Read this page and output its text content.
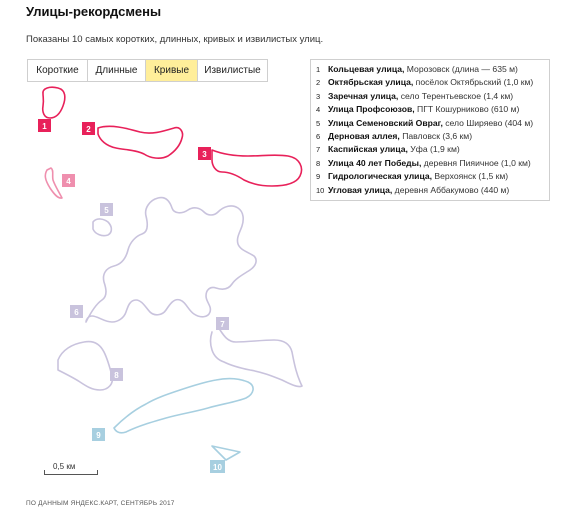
Улицы-рекордсмены
Показаны 10 самых коротких, длинных, кривых и извилистых улиц.
Короткие	Длинные	Кривые	Извилистые	1 Кольцевая улица, Морозовск (длина — 635 м)
2 Октябрьская улица, посёлок Октябрьский (1,0 км)
3 Заречная улица, село Терентьевское (1,4 км)
4 Улица Профсоюзов, ПГТ Кошурниково (610 м)
5 Улица Семеновский Овраг, село Ширяево (404 м)
6 Дерновая аллея, Павловск (3,6 км)
7 Каспийская улица, Уфа (1,9 км)
8 Улица 40 лет Победы, деревня Пияичное (1,0 км)
9 Гидрологическая улица, Верхоянск (1,5 км)
10 Угловая улица, деревня Аббакумово (440 м)
1	2
3
4
5
6
7
8
9
10
0,5 км
ПО ДАННЫМ ЯНДЕКС.КАРТ, СЕНТЯБРЬ 2017
